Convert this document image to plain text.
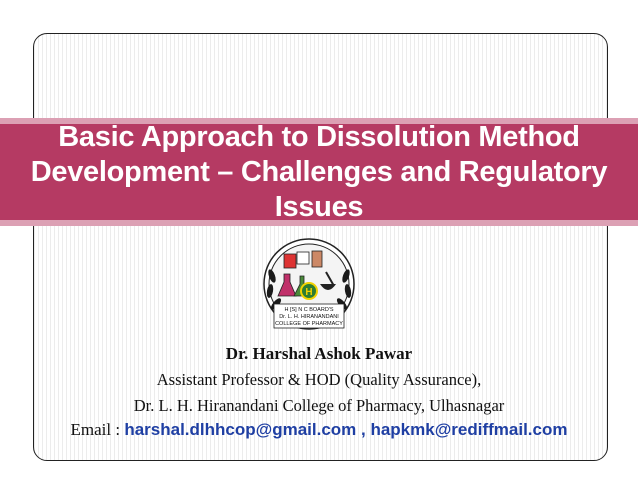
Basic Approach to Dissolution Method
Development – Challenges and Regulatory
Issues
H
H [S] N C BOARD'S
Dr. L. H. HIRANANDANI
COLLEGE OF PHARMACY
Dr. Harshal Ashok Pawar
Assistant Professor & HOD (Quality Assurance),
Dr. L. H. Hiranandani College of Pharmacy, Ulhasnagar
Email : harshal.dlhhcop@gmail.com , hapkmk@rediffmail.com
